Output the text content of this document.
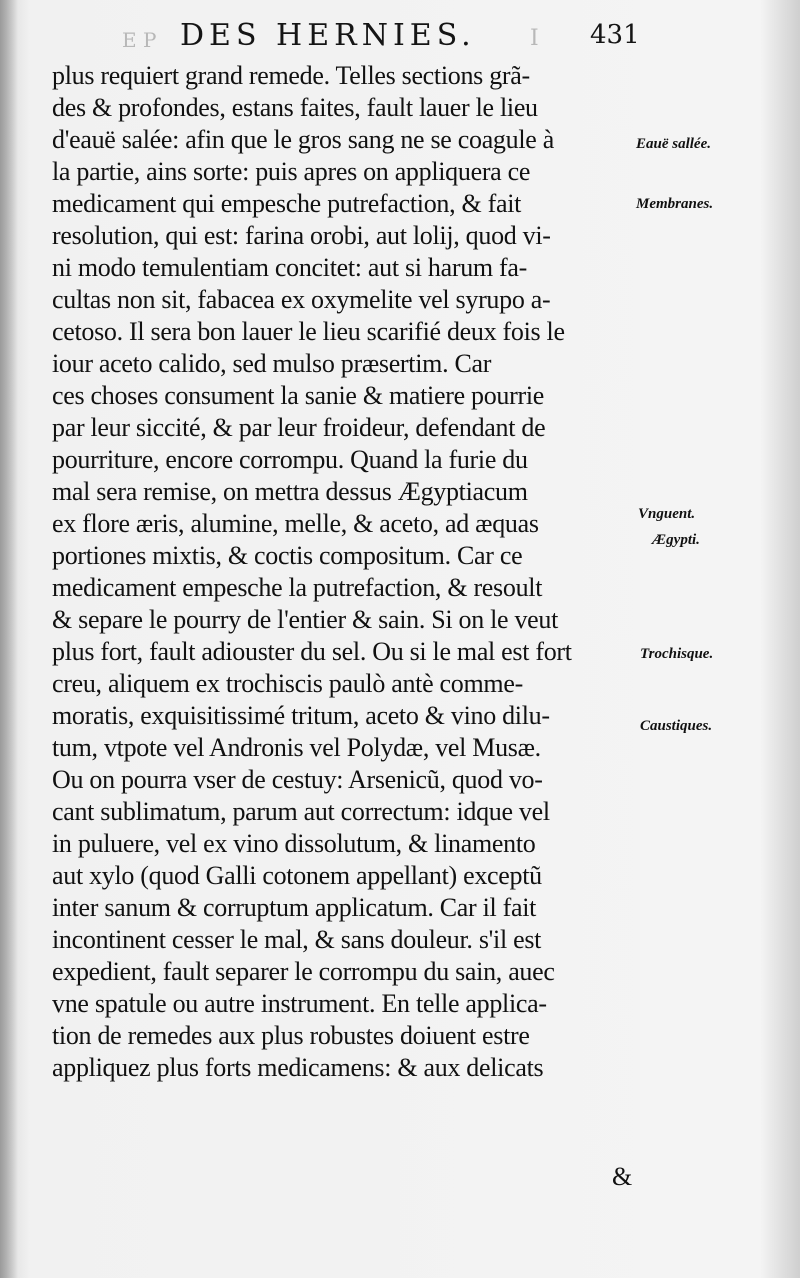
E P DES HERNIES. I 431
plus requiert grand remede. Telles sections grã-
des & profondes, estans faites, fault lauer le lieu
d'eauë salée: afin que le gros sang ne se coagule à
la partie, ains sorte: puis apres on appliquera ce
medicament qui empesche putrefaction, & fait
resolution, qui est: farina orobi, aut lolij, quod vi-
ni modo temulentiam concitet: aut si harum fa-
cultas non sit, fabacea ex oxymelite vel syrupo a-
cetoso. Il sera bon lauer le lieu scarifié deux fois le
iour aceto calido, sed mulso præsertim. Car
ces choses consument la sanie & matiere pourrie
par leur siccité, & par leur froideur, defendant de
pourriture, encore corrompu. Quand la furie du
mal sera remise, on mettra dessus Ægyptiacum
ex flore æris, alumine, melle, & aceto, ad æquas
portiones mixtis, & coctis compositum. Car ce
medicament empesche la putrefaction, & resoult
& separe le pourry de l'entier & sain. Si on le veut
plus fort, fault adiouster du sel. Ou si le mal est fort
creu, aliquem ex trochiscis paulò antè comme-
moratis, exquisitissimé tritum, aceto & vino dilu-
tum, vtpote vel Andronis vel Polydæ, vel Musæ.
Ou on pourra vser de cestuy: Arsenicũ, quod vo-
cant sublimatum, parum aut correctum: idque vel
in puluere, vel ex vino dissolutum, & linamento
aut xylo (quod Galli cotonem appellant) exceptũ
inter sanum & corruptum applicatum. Car il fait
incontinent cesser le mal, & sans douleur. s'il est
expedient, fault separer le corrompu du sain, auec
vne spatule ou autre instrument. En telle applica-
tion de remedes aux plus robustes doiuent estre
appliquez plus forts medicamens: & aux delicats
&
Eauë sallée.
Membranes.
Vnguent.
Ægypti.
Trochisque.
Caustiques.
